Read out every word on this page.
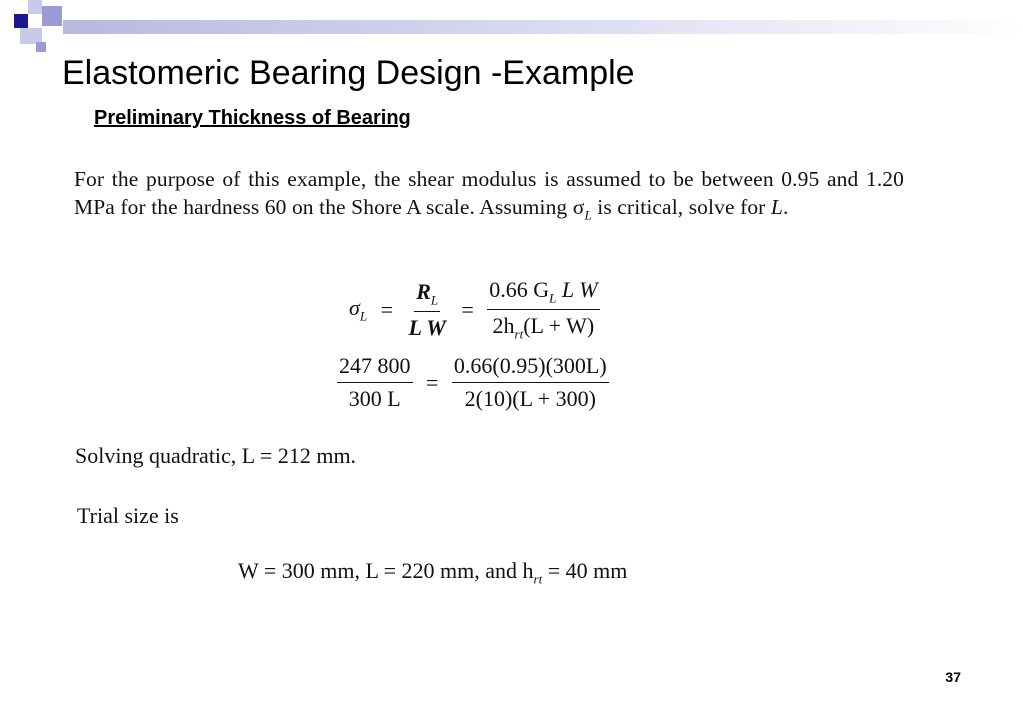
Elastomeric Bearing Design -Example
Preliminary Thickness of Bearing

For the purpose of this example, the shear modulus is assumed to be between 0.95 and 1.20 MPa for the hardness 60 on the Shore A scale. Assuming $\sigma_L$ is critical, solve for L.

$\sigma_L = \frac{R_L}{\text{L W}} = \frac{0.66 G_L L W}{2h_{rt}(L + W)}$
$\frac{247 800}{300 L} = \frac{0.66(0.95)(300L)}{2(10)(L + 300)}$

Solving quadratic, L = 212 mm.

Trial size is

W = 300 mm, L = 220 mm, and $h_{rt} = 40$ mm

37
